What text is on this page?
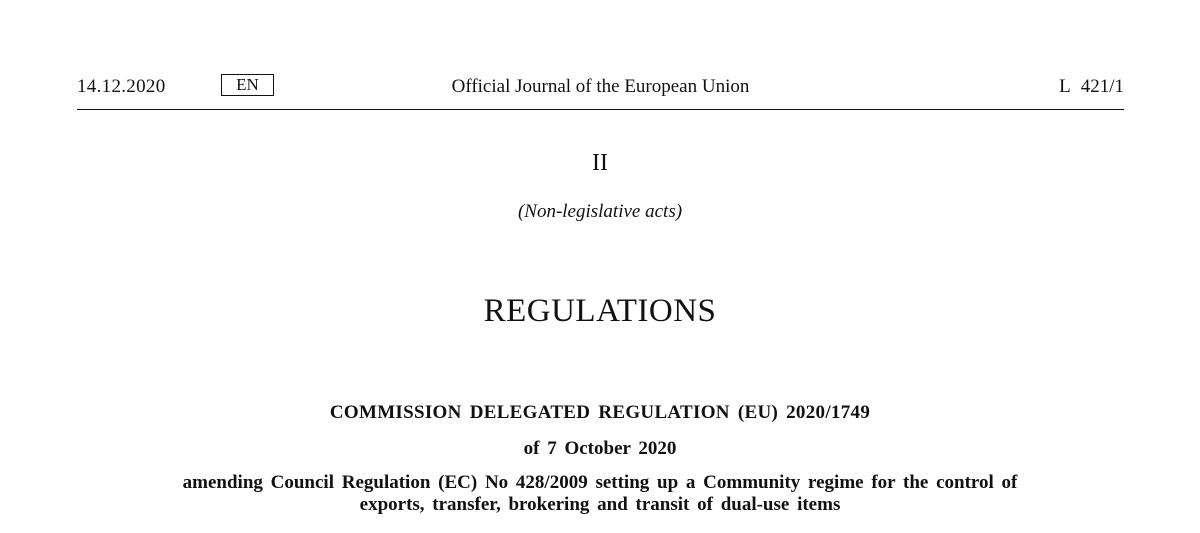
14.12.2020	EN	Official Journal of the European Union	L 421/1
II
(Non-legislative acts)
REGULATIONS
COMMISSION DELEGATED REGULATION (EU) 2020/1749
of 7 October 2020
amending Council Regulation (EC) No 428/2009 setting up a Community regime for the control of
exports, transfer, brokering and transit of dual-use items
